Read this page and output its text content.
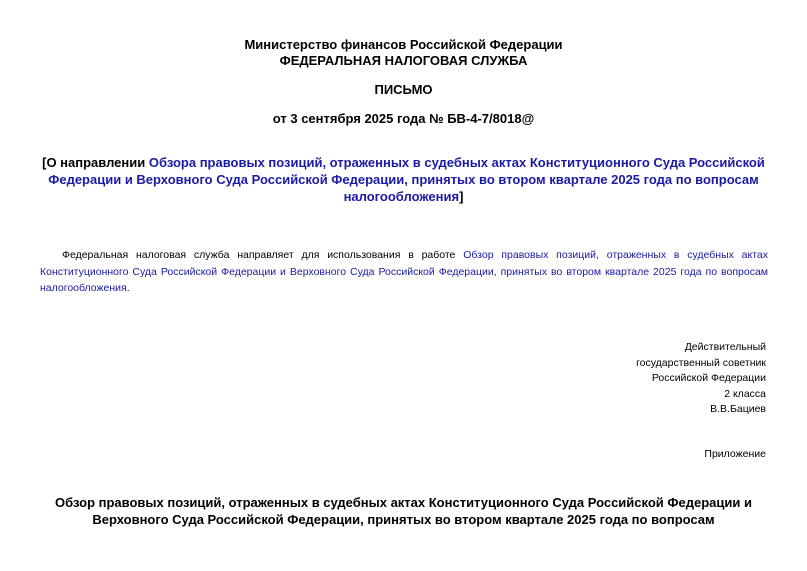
Министерство финансов Российской Федерации
ФЕДЕРАЛЬНАЯ НАЛОГОВАЯ СЛУЖБА
ПИСЬМО
от 3 сентября 2025 года № БВ-4-7/8018@
[О направлении Обзора правовых позиций, отраженных в судебных актах Конституционного Суда Российской Федерации и Верховного Суда Российской Федерации, принятых во втором квартале 2025 года по вопросам налогообложения]
Федеральная налоговая служба направляет для использования в работе Обзор правовых позиций, отраженных в судебных актах Конституционного Суда Российской Федерации и Верховного Суда Российской Федерации, принятых во втором квартале 2025 года по вопросам налогообложения.
Действительный
государственный советник
Российской Федерации
2 класса
В.В.Бациев
Приложение
Обзор правовых позиций, отраженных в судебных актах Конституционного Суда Российской Федерации и Верховного Суда Российской Федерации, принятых во втором квартале 2025 года по вопросам
